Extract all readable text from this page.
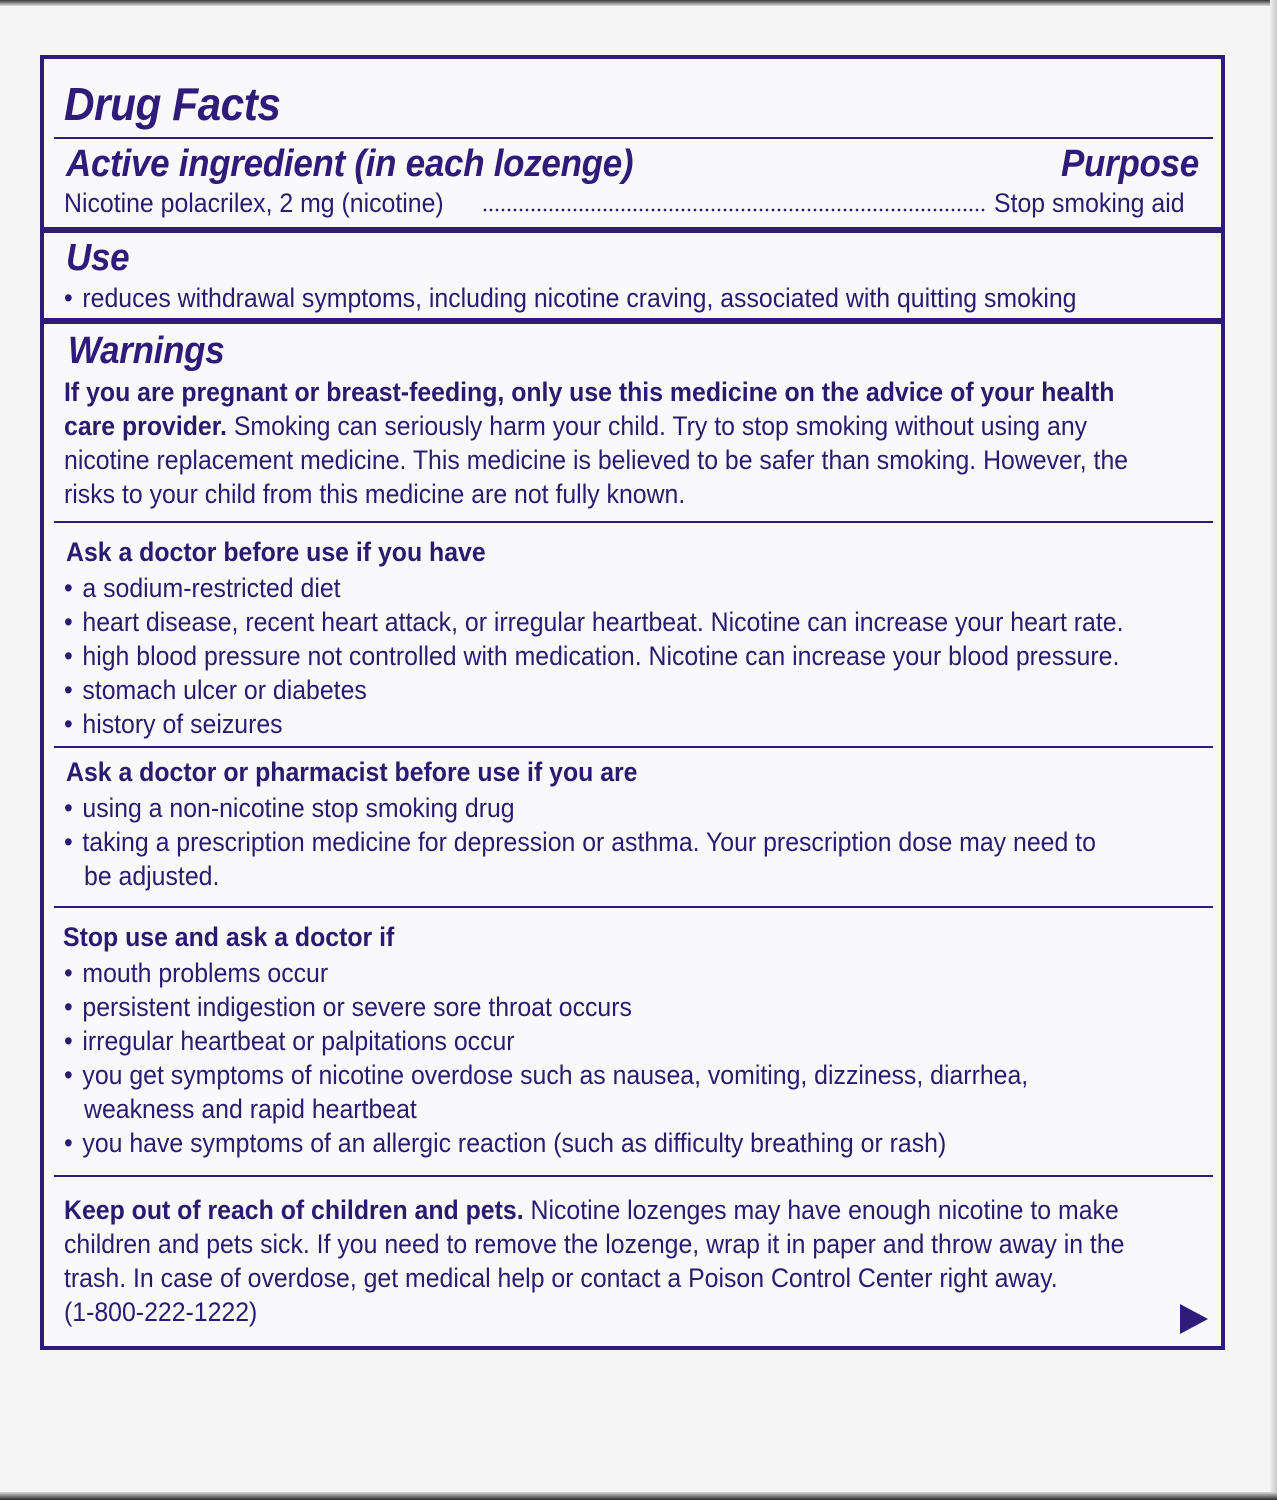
Drug Facts
Active ingredient (in each lozenge)	Purpose
Nicotine polacrilex, 2 mg (nicotine)	Stop smoking aid
Use
• reduces withdrawal symptoms, including nicotine craving, associated with quitting smoking
Warnings
If you are pregnant or breast-feeding, only use this medicine on the advice of your health
care provider. Smoking can seriously harm your child. Try to stop smoking without using any
nicotine replacement medicine. This medicine is believed to be safer than smoking. However, the
risks to your child from this medicine are not fully known.
Ask a doctor before use if you have
• a sodium-restricted diet
• heart disease, recent heart attack, or irregular heartbeat. Nicotine can increase your heart rate.
• high blood pressure not controlled with medication. Nicotine can increase your blood pressure.
• stomach ulcer or diabetes
• history of seizures
Ask a doctor or pharmacist before use if you are
• using a non-nicotine stop smoking drug
• taking a prescription medicine for depression or asthma. Your prescription dose may need to
be adjusted.
Stop use and ask a doctor if
• mouth problems occur
• persistent indigestion or severe sore throat occurs
• irregular heartbeat or palpitations occur
• you get symptoms of nicotine overdose such as nausea, vomiting, dizziness, diarrhea,
weakness and rapid heartbeat
• you have symptoms of an allergic reaction (such as difficulty breathing or rash)
Keep out of reach of children and pets. Nicotine lozenges may have enough nicotine to make
children and pets sick. If you need to remove the lozenge, wrap it in paper and throw away in the
trash. In case of overdose, get medical help or contact a Poison Control Center right away.
(1-800-222-1222)
